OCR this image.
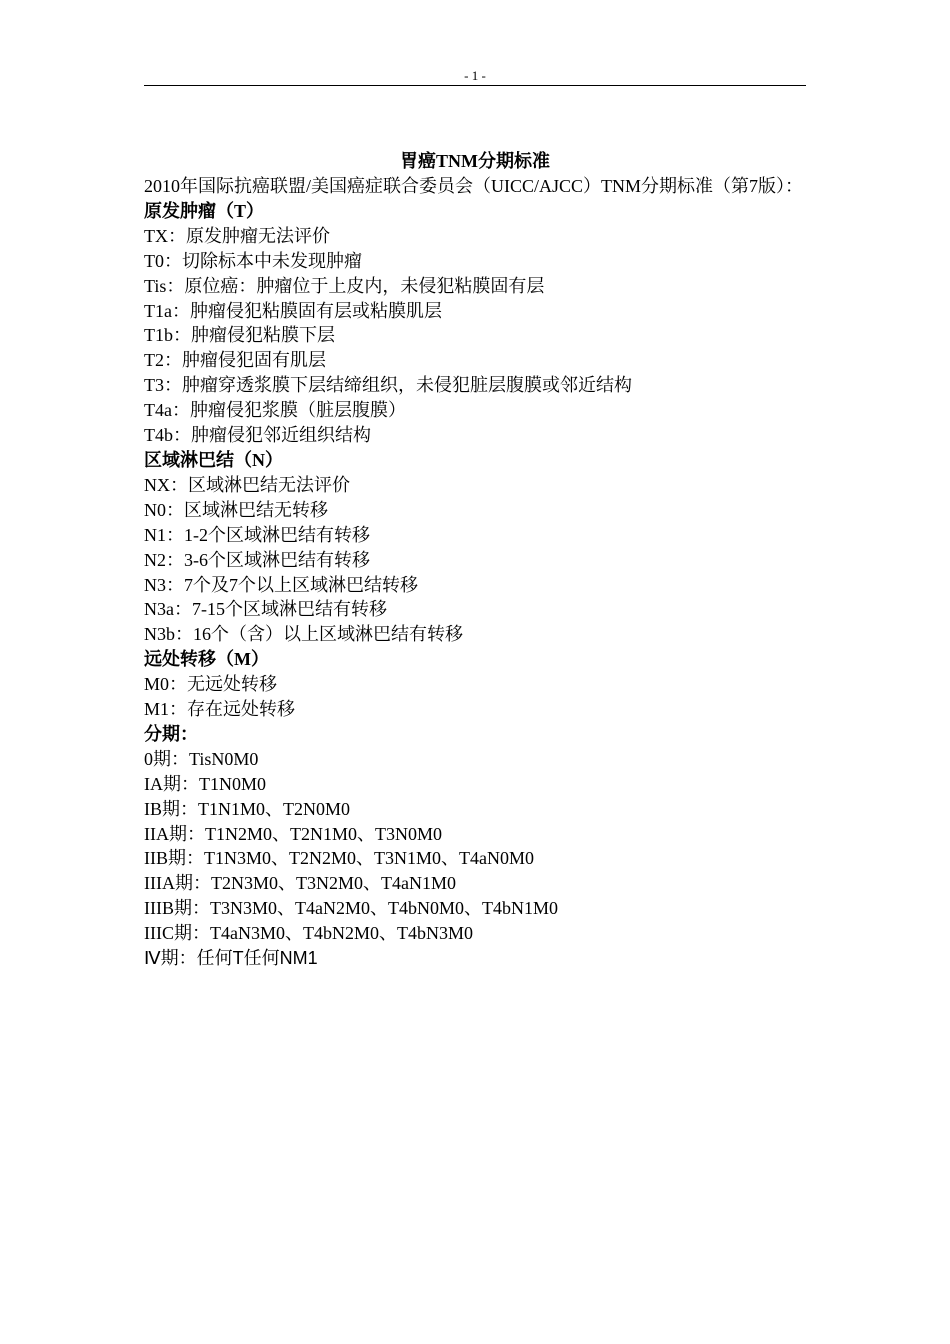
- 1 -

胃癌TNM分期标准

2010年国际抗癌联盟/美国癌症联合委员会（UICC/AJCC）TNM分期标准（第7版）：

原发肿瘤（T）

TX：原发肿瘤无法评价

T0：切除标本中未发现肿瘤

Tis：原位癌：肿瘤位于上皮内，未侵犯粘膜固有层

T1a：肿瘤侵犯粘膜固有层或粘膜肌层

T1b：肿瘤侵犯粘膜下层

T2：肿瘤侵犯固有肌层

T3：肿瘤穿透浆膜下层结缔组织，未侵犯脏层腹膜或邻近结构

T4a：肿瘤侵犯浆膜（脏层腹膜）

T4b：肿瘤侵犯邻近组织结构

区域淋巴结（N）

NX：区域淋巴结无法评价

N0：区域淋巴结无转移

N1：1-2个区域淋巴结有转移

N2：3-6个区域淋巴结有转移

N3：7个及7个以上区域淋巴结转移

N3a：7-15个区域淋巴结有转移

N3b：16个（含）以上区域淋巴结有转移

远处转移（M）

M0：无远处转移

M1：存在远处转移

分期：

0期：TisN0M0

IA期：T1N0M0

IB期：T1N1M0、T2N0M0

IIA期：T1N2M0、T2N1M0、T3N0M0

IIB期：T1N3M0、T2N2M0、T3N1M0、T4aN0M0

IIIA期：T2N3M0、T3N2M0、T4aN1M0

IIIB期：T3N3M0、T4aN2M0、T4bN0M0、T4bN1M0

IIIC期：T4aN3M0、T4bN2M0、T4bN3M0

Ⅳ期：任何T任何NM1
